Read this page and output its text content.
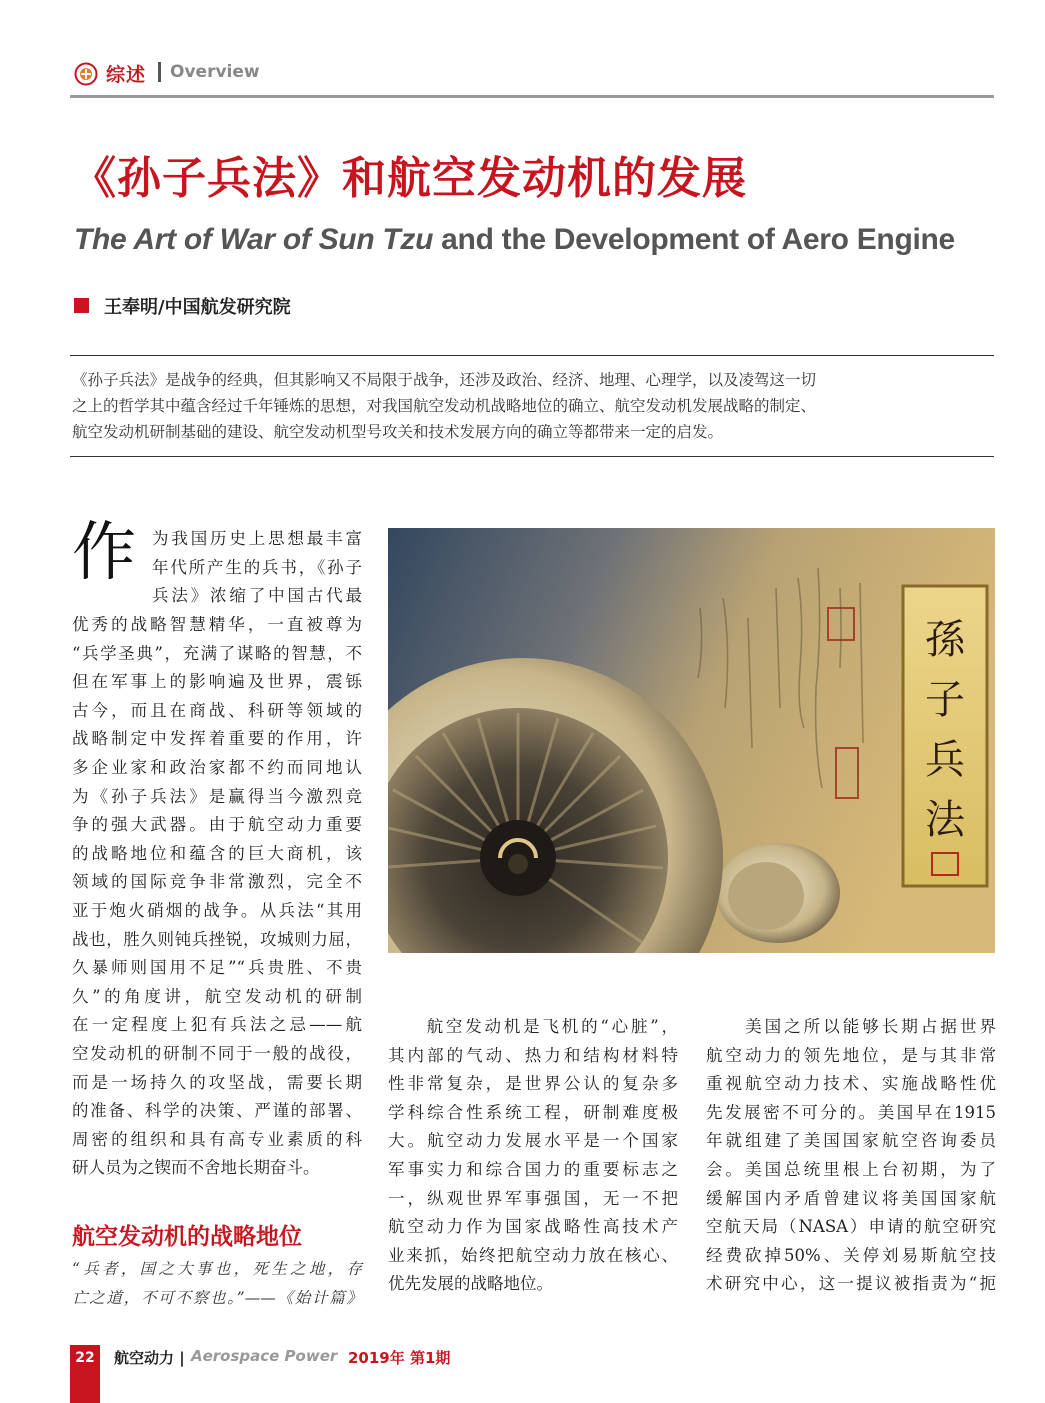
综述 Overview
《孙子兵法》和航空发动机的发展
The Art of War of Sun Tzu and the Development of Aero Engine
王奉明/中国航发研究院
《孙子兵法》是战争的经典，但其影响又不局限于战争，还涉及政治、经济、地理、心理学，以及凌驾这一切
之上的哲学其中蕴含经过千年锤炼的思想，对我国航空发动机战略地位的确立、航空发动机发展战略的制定、
航空发动机研制基础的建设、航空发动机型号攻关和技术发展方向的确立等都带来一定的启发。
作 为我国历史上思想最丰富
年代所产生的兵书，《孙子
兵法》浓缩了中国古代最
优秀的战略智慧精华，一直被尊为
“兵学圣典”，充满了谋略的智慧，不
但在军事上的影响遍及世界，震铄
古今，而且在商战、科研等领域的
战略制定中发挥着重要的作用，许
多企业家和政治家都不约而同地认
为《孙子兵法》是赢得当今激烈竞
争的强大武器。由于航空动力重要
的战略地位和蕴含的巨大商机，该
领域的国际竞争非常激烈，完全不
亚于炮火硝烟的战争。从兵法“其用
战也，胜久则钝兵挫锐，攻城则力屈，
久暴师则国用不足”“兵贵胜、不贵
久”的角度讲，航空发动机的研制
在一定程度上犯有兵法之忌——航
空发动机的研制不同于一般的战役，
而是一场持久的攻坚战，需要长期
的准备、科学的决策、严谨的部署、
周密的组织和具有高专业素质的科
研人员为之锲而不舍地长期奋斗。
航空发动机的战略地位
“兵者，国之大事也，死生之地，存
亡之道，不可不察也。”——《始计篇》
孫
子
兵
法
　　航空发动机是飞机的“心脏”，
其内部的气动、热力和结构材料特
性非常复杂，是世界公认的复杂多
学科综合性系统工程，研制难度极
大。航空动力发展水平是一个国家
军事实力和综合国力的重要标志之
一，纵观世界军事强国，无一不把
航空动力作为国家战略性高技术产
业来抓，始终把航空动力放在核心、
优先发展的战略地位。
　　美国之所以能够长期占据世界
航空动力的领先地位，是与其非常
重视航空动力技术、实施战略性优
先发展密不可分的。美国早在1915
年就组建了美国国家航空咨询委员
会。美国总统里根上台初期，为了
缓解国内矛盾曾建议将美国国家航
空航天局（NASA）申请的航空研究
经费砍掉50%、关停刘易斯航空技
术研究中心，这一提议被指责为“扼
22	航空动力 | Aerospace Power 2019年 第1期
